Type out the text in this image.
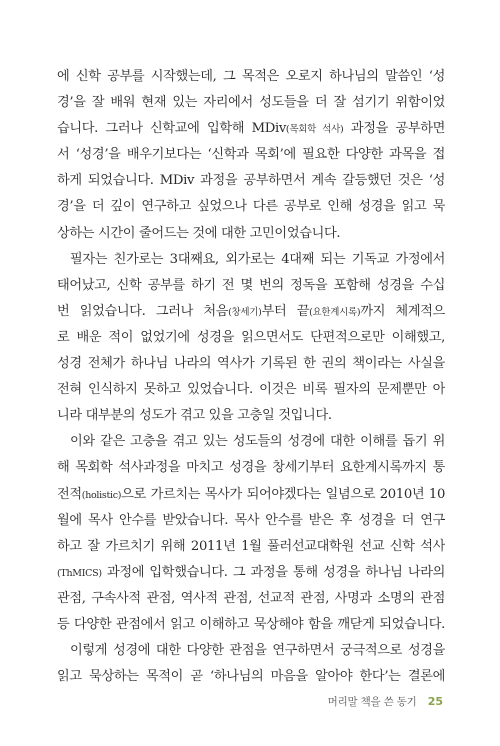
에 신학 공부를 시작했는데, 그 목적은 오로지 하나님의 말씀인 ‘성
경’을 잘 배워 현재 있는 자리에서 성도들을 더 잘 섬기기 위함이었
습니다. 그러나 신학교에 입학해 MDiv(목회학 석사) 과정을 공부하면
서 ‘성경’을 배우기보다는 ‘신학과 목회’에 필요한 다양한 과목을 접
하게 되었습니다. MDiv 과정을 공부하면서 계속 갈등했던 것은 ‘성
경’을 더 깊이 연구하고 싶었으나 다른 공부로 인해 성경을 읽고 묵
상하는 시간이 줄어드는 것에 대한 고민이었습니다.
필자는 친가로는 3대째요, 외가로는 4대째 되는 기독교 가정에서
태어났고, 신학 공부를 하기 전 몇 번의 정독을 포함해 성경을 수십
번 읽었습니다. 그러나 처음(창세기)부터 끝(요한계시록)까지 체계적으
로 배운 적이 없었기에 성경을 읽으면서도 단편적으로만 이해했고,
성경 전체가 하나님 나라의 역사가 기록된 한 권의 책이라는 사실을
전혀 인식하지 못하고 있었습니다. 이것은 비록 필자의 문제뿐만 아
니라 대부분의 성도가 겪고 있을 고충일 것입니다.
이와 같은 고충을 겪고 있는 성도들의 성경에 대한 이해를 돕기 위
해 목회학 석사과정을 마치고 성경을 창세기부터 요한계시록까지 통
전적(holistic)으로 가르치는 목사가 되어야겠다는 일념으로 2010년 10
월에 목사 안수를 받았습니다. 목사 안수를 받은 후 성경을 더 연구
하고 잘 가르치기 위해 2011년 1월 풀러선교대학원 선교 신학 석사
(ThMICS) 과정에 입학했습니다. 그 과정을 통해 성경을 하나님 나라의
관점, 구속사적 관점, 역사적 관점, 선교적 관점, 사명과 소명의 관점
등 다양한 관점에서 읽고 이해하고 묵상해야 함을 깨닫게 되었습니다.
이렇게 성경에 대한 다양한 관점을 연구하면서 궁극적으로 성경을
읽고 묵상하는 목적이 곧 ‘하나님의 마음을 알아야 한다’는 결론에
머리말 책을 쓴 동기 25
